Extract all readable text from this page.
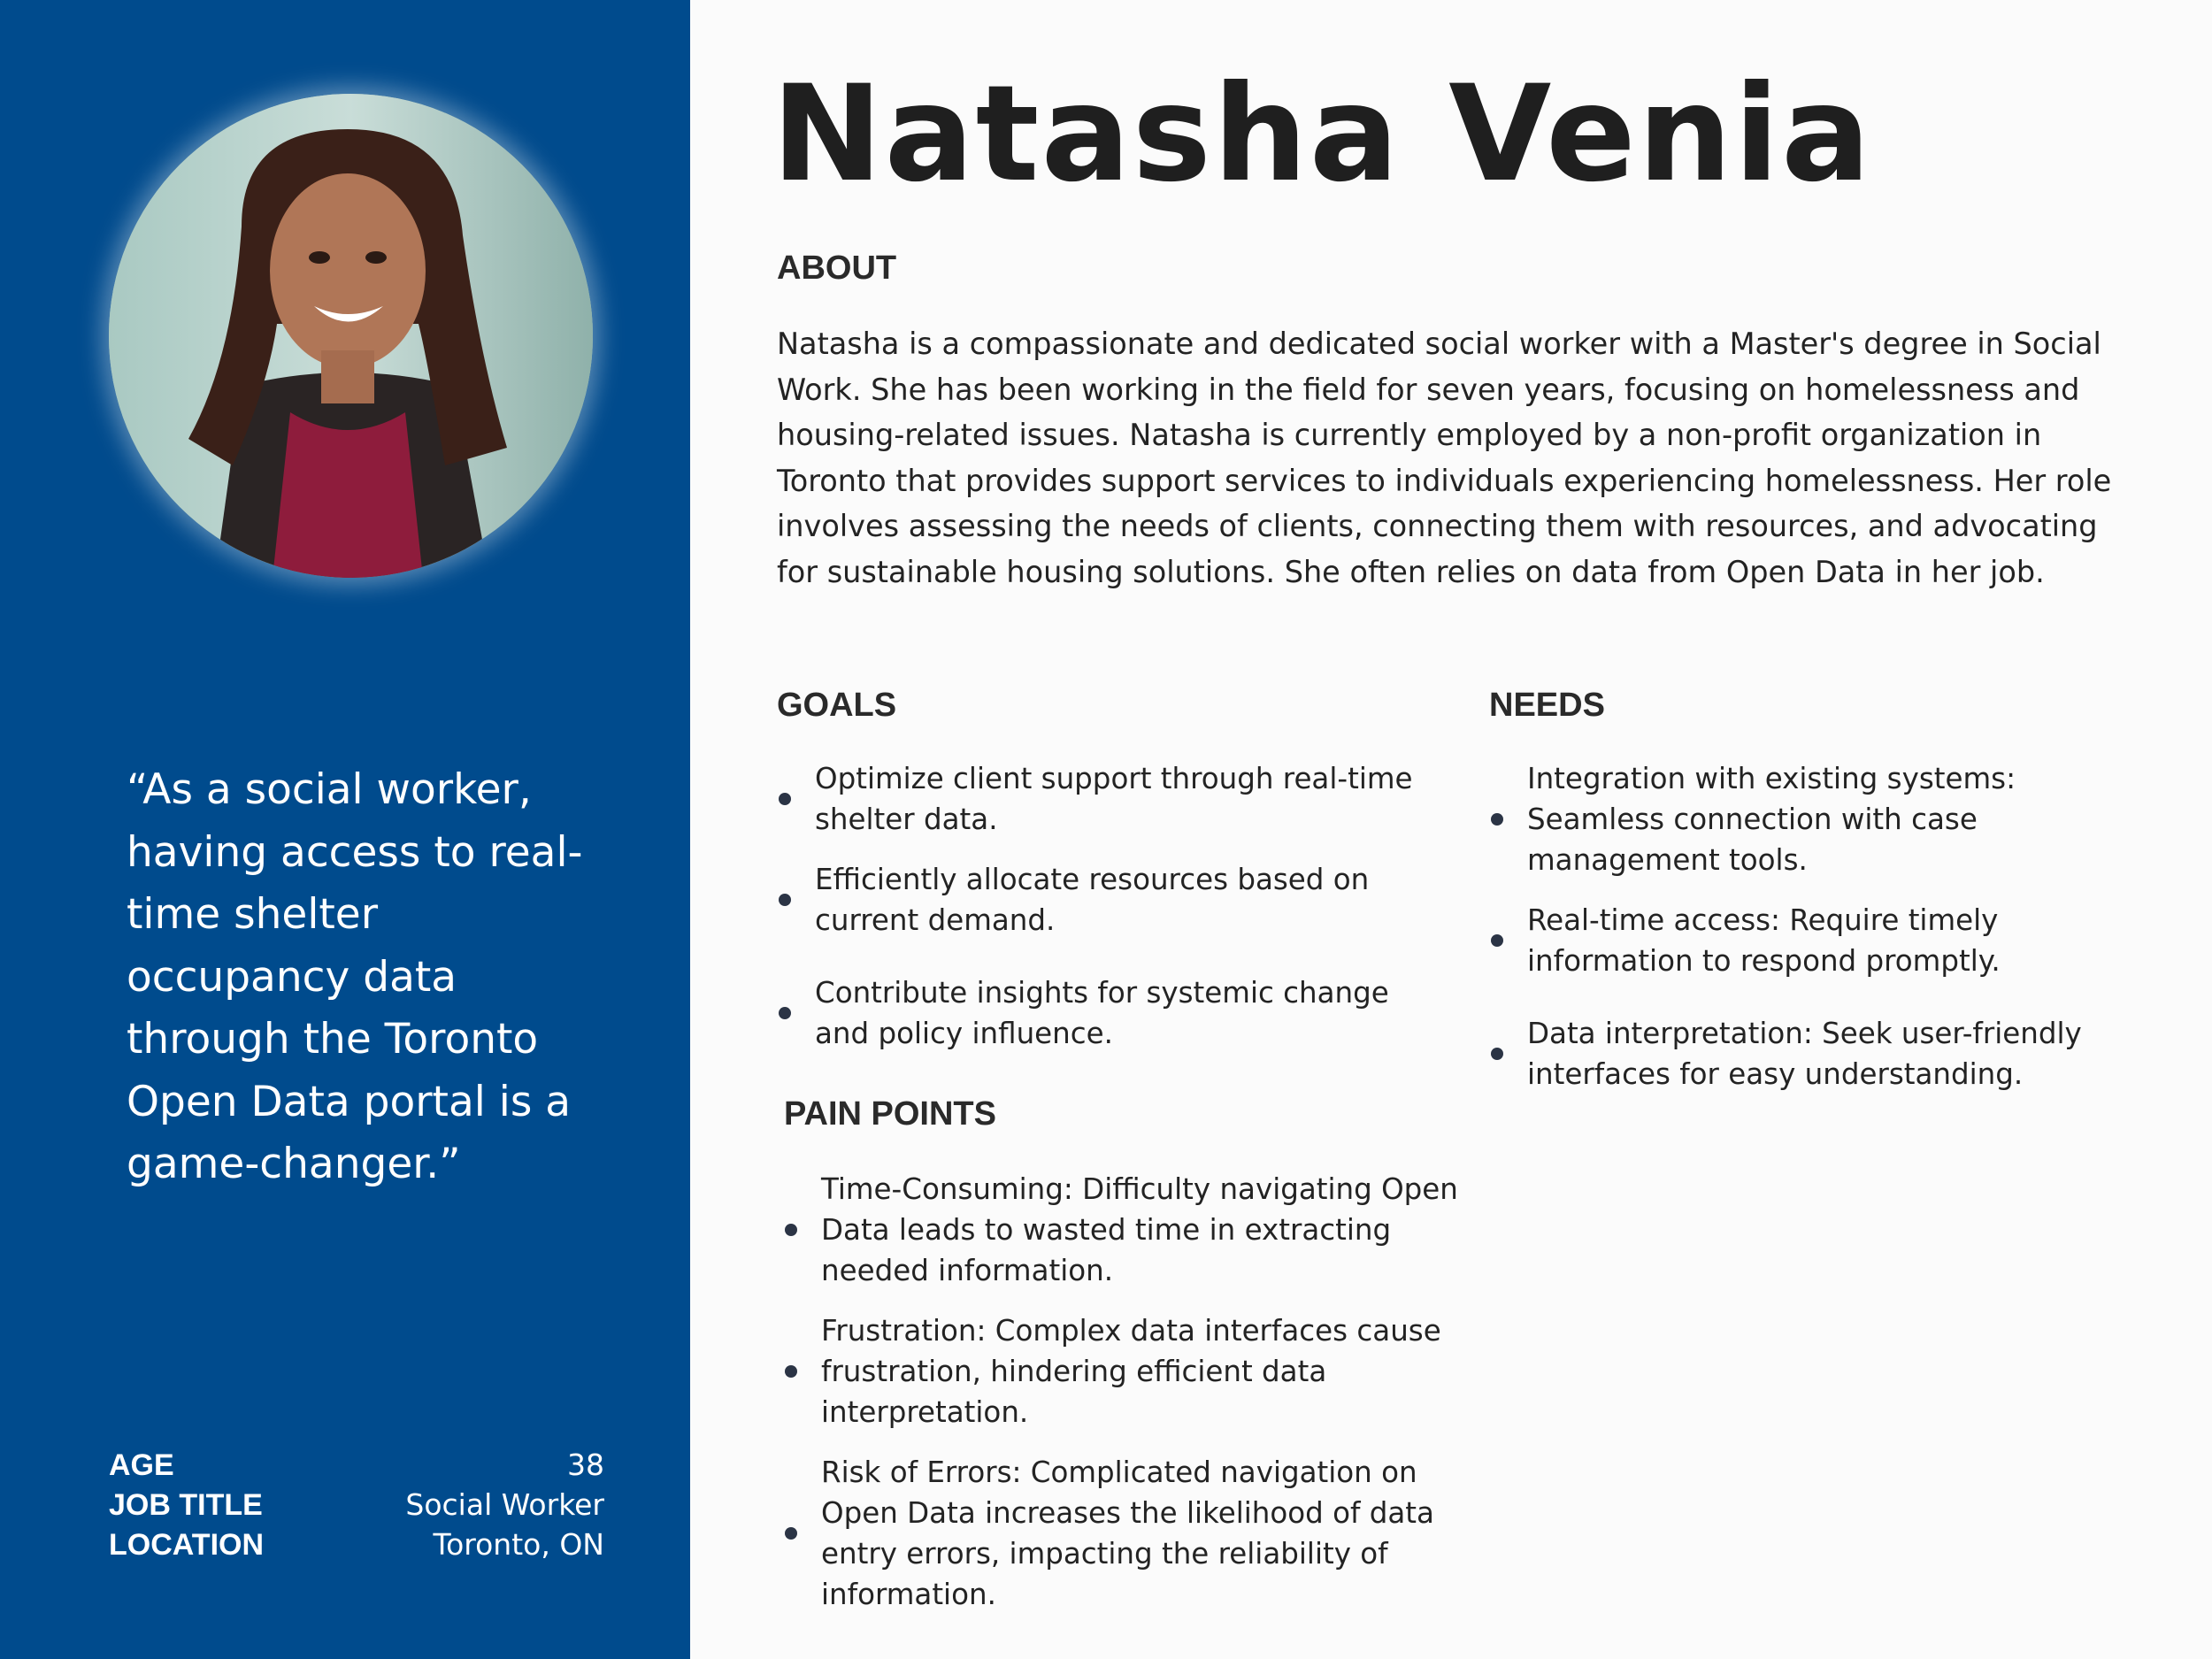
“As a social worker, having access to real-time shelter occupancy data through the Toronto Open Data portal is a game-changer.”
AGE	38
JOB TITLE	Social Worker
LOCATION	Toronto, ON
Natasha Venia
ABOUT
Natasha is a compassionate and dedicated social worker with a Master's degree in Social Work. She has been working in the field for seven years, focusing on homelessness and housing-related issues. Natasha is currently employed by a non-profit organization in Toronto that provides support services to individuals experiencing homelessness. Her role involves assessing the needs of clients, connecting them with resources, and advocating for sustainable housing solutions. She often relies on data from Open Data in her job.
GOALS
Optimize client support through real-time shelter data.
Efficiently allocate resources based on current demand.
Contribute insights for systemic change and policy influence.
NEEDS
Integration with existing systems: Seamless connection with case management tools.
Real-time access: Require timely information to respond promptly.
Data interpretation: Seek user-friendly interfaces for easy understanding.
PAIN POINTS
Time-Consuming: Difficulty navigating Open Data leads to wasted time in extracting needed information.
Frustration: Complex data interfaces cause frustration, hindering efficient data interpretation.
Risk of Errors: Complicated navigation on Open Data increases the likelihood of data entry errors, impacting the reliability of information.
